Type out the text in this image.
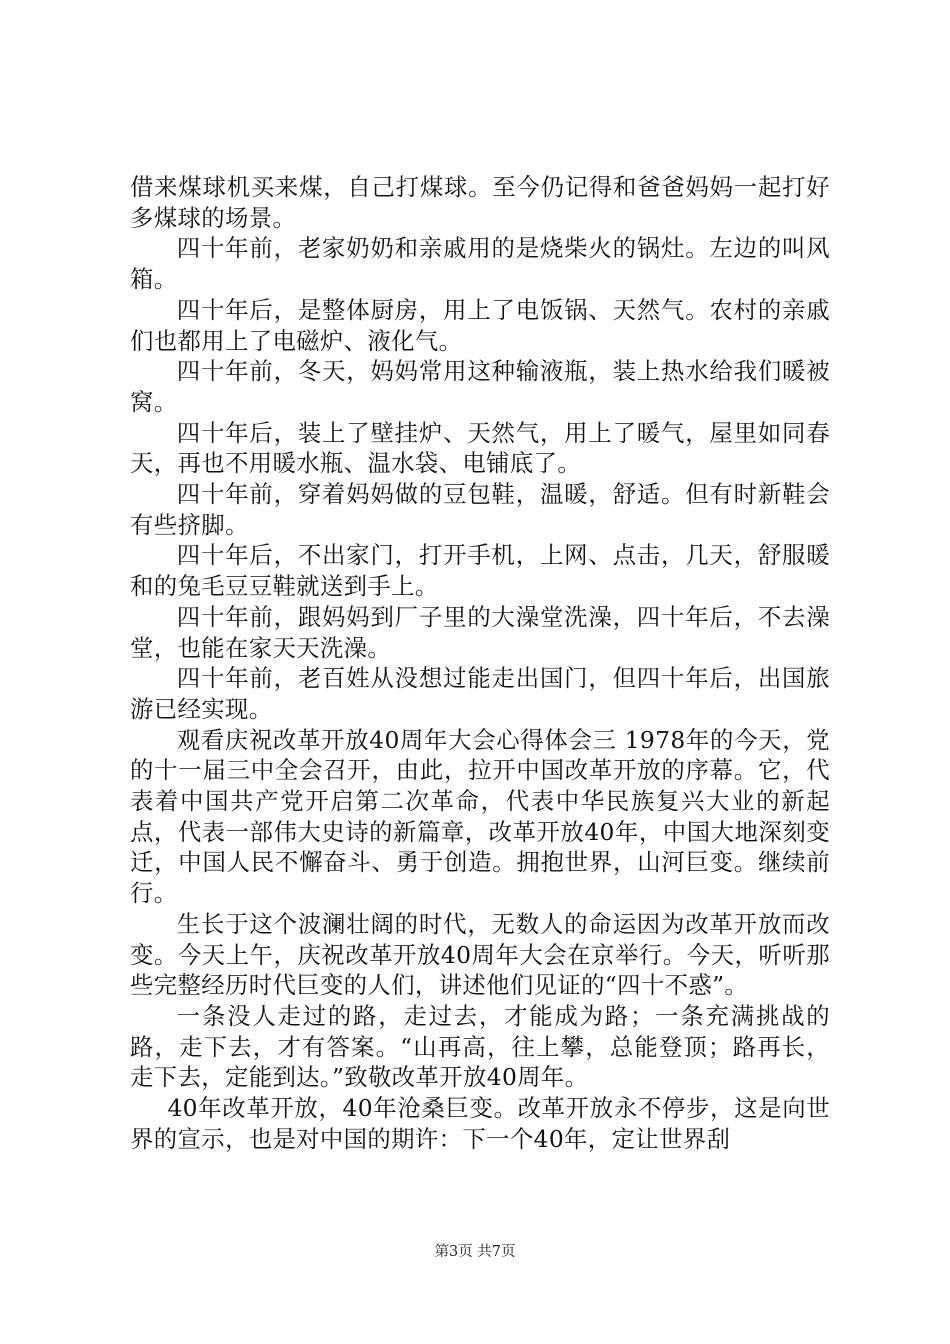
借来煤球机买来煤，自己打煤球。至今仍记得和爸爸妈妈一起打好多煤球的场景。

四十年前，老家奶奶和亲戚用的是烧柴火的锅灶。左边的叫风箱。

四十年后，是整体厨房，用上了电饭锅、天然气。农村的亲戚们也都用上了电磁炉、液化气。

四十年前，冬天，妈妈常用这种输液瓶，装上热水给我们暖被窝。

四十年后，装上了壁挂炉、天然气，用上了暖气，屋里如同春天，再也不用暖水瓶、温水袋、电铺底了。

四十年前，穿着妈妈做的豆包鞋，温暖，舒适。但有时新鞋会有些挤脚。

四十年后，不出家门，打开手机，上网、点击，几天，舒服暖和的兔毛豆豆鞋就送到手上。

四十年前，跟妈妈到厂子里的大澡堂洗澡，四十年后，不去澡堂，也能在家天天洗澡。

四十年前，老百姓从没想过能走出国门，但四十年后，出国旅游已经实现。

观看庆祝改革开放40周年大会心得体会三 1978年的今天，党的十一届三中全会召开，由此，拉开中国改革开放的序幕。它，代表着中国共产党开启第二次革命，代表中华民族复兴大业的新起点，代表一部伟大史诗的新篇章，改革开放40年，中国大地深刻变迁，中国人民不懈奋斗、勇于创造。拥抱世界，山河巨变。继续前行。

生长于这个波澜壮阔的时代，无数人的命运因为改革开放而改变。今天上午，庆祝改革开放40周年大会在京举行。今天，听听那些完整经历时代巨变的人们，讲述他们见证的“四十不惑”。

一条没人走过的路，走过去，才能成为路；一条充满挑战的路，走下去，才有答案。“山再高，往上攀，总能登顶；路再长，走下去，定能到达。”致敬改革开放40周年。

40年改革开放，40年沧桑巨变。改革开放永不停步，这是向世界的宣示，也是对中国的期许：下一个40年，定让世界刮

第3页 共7页
